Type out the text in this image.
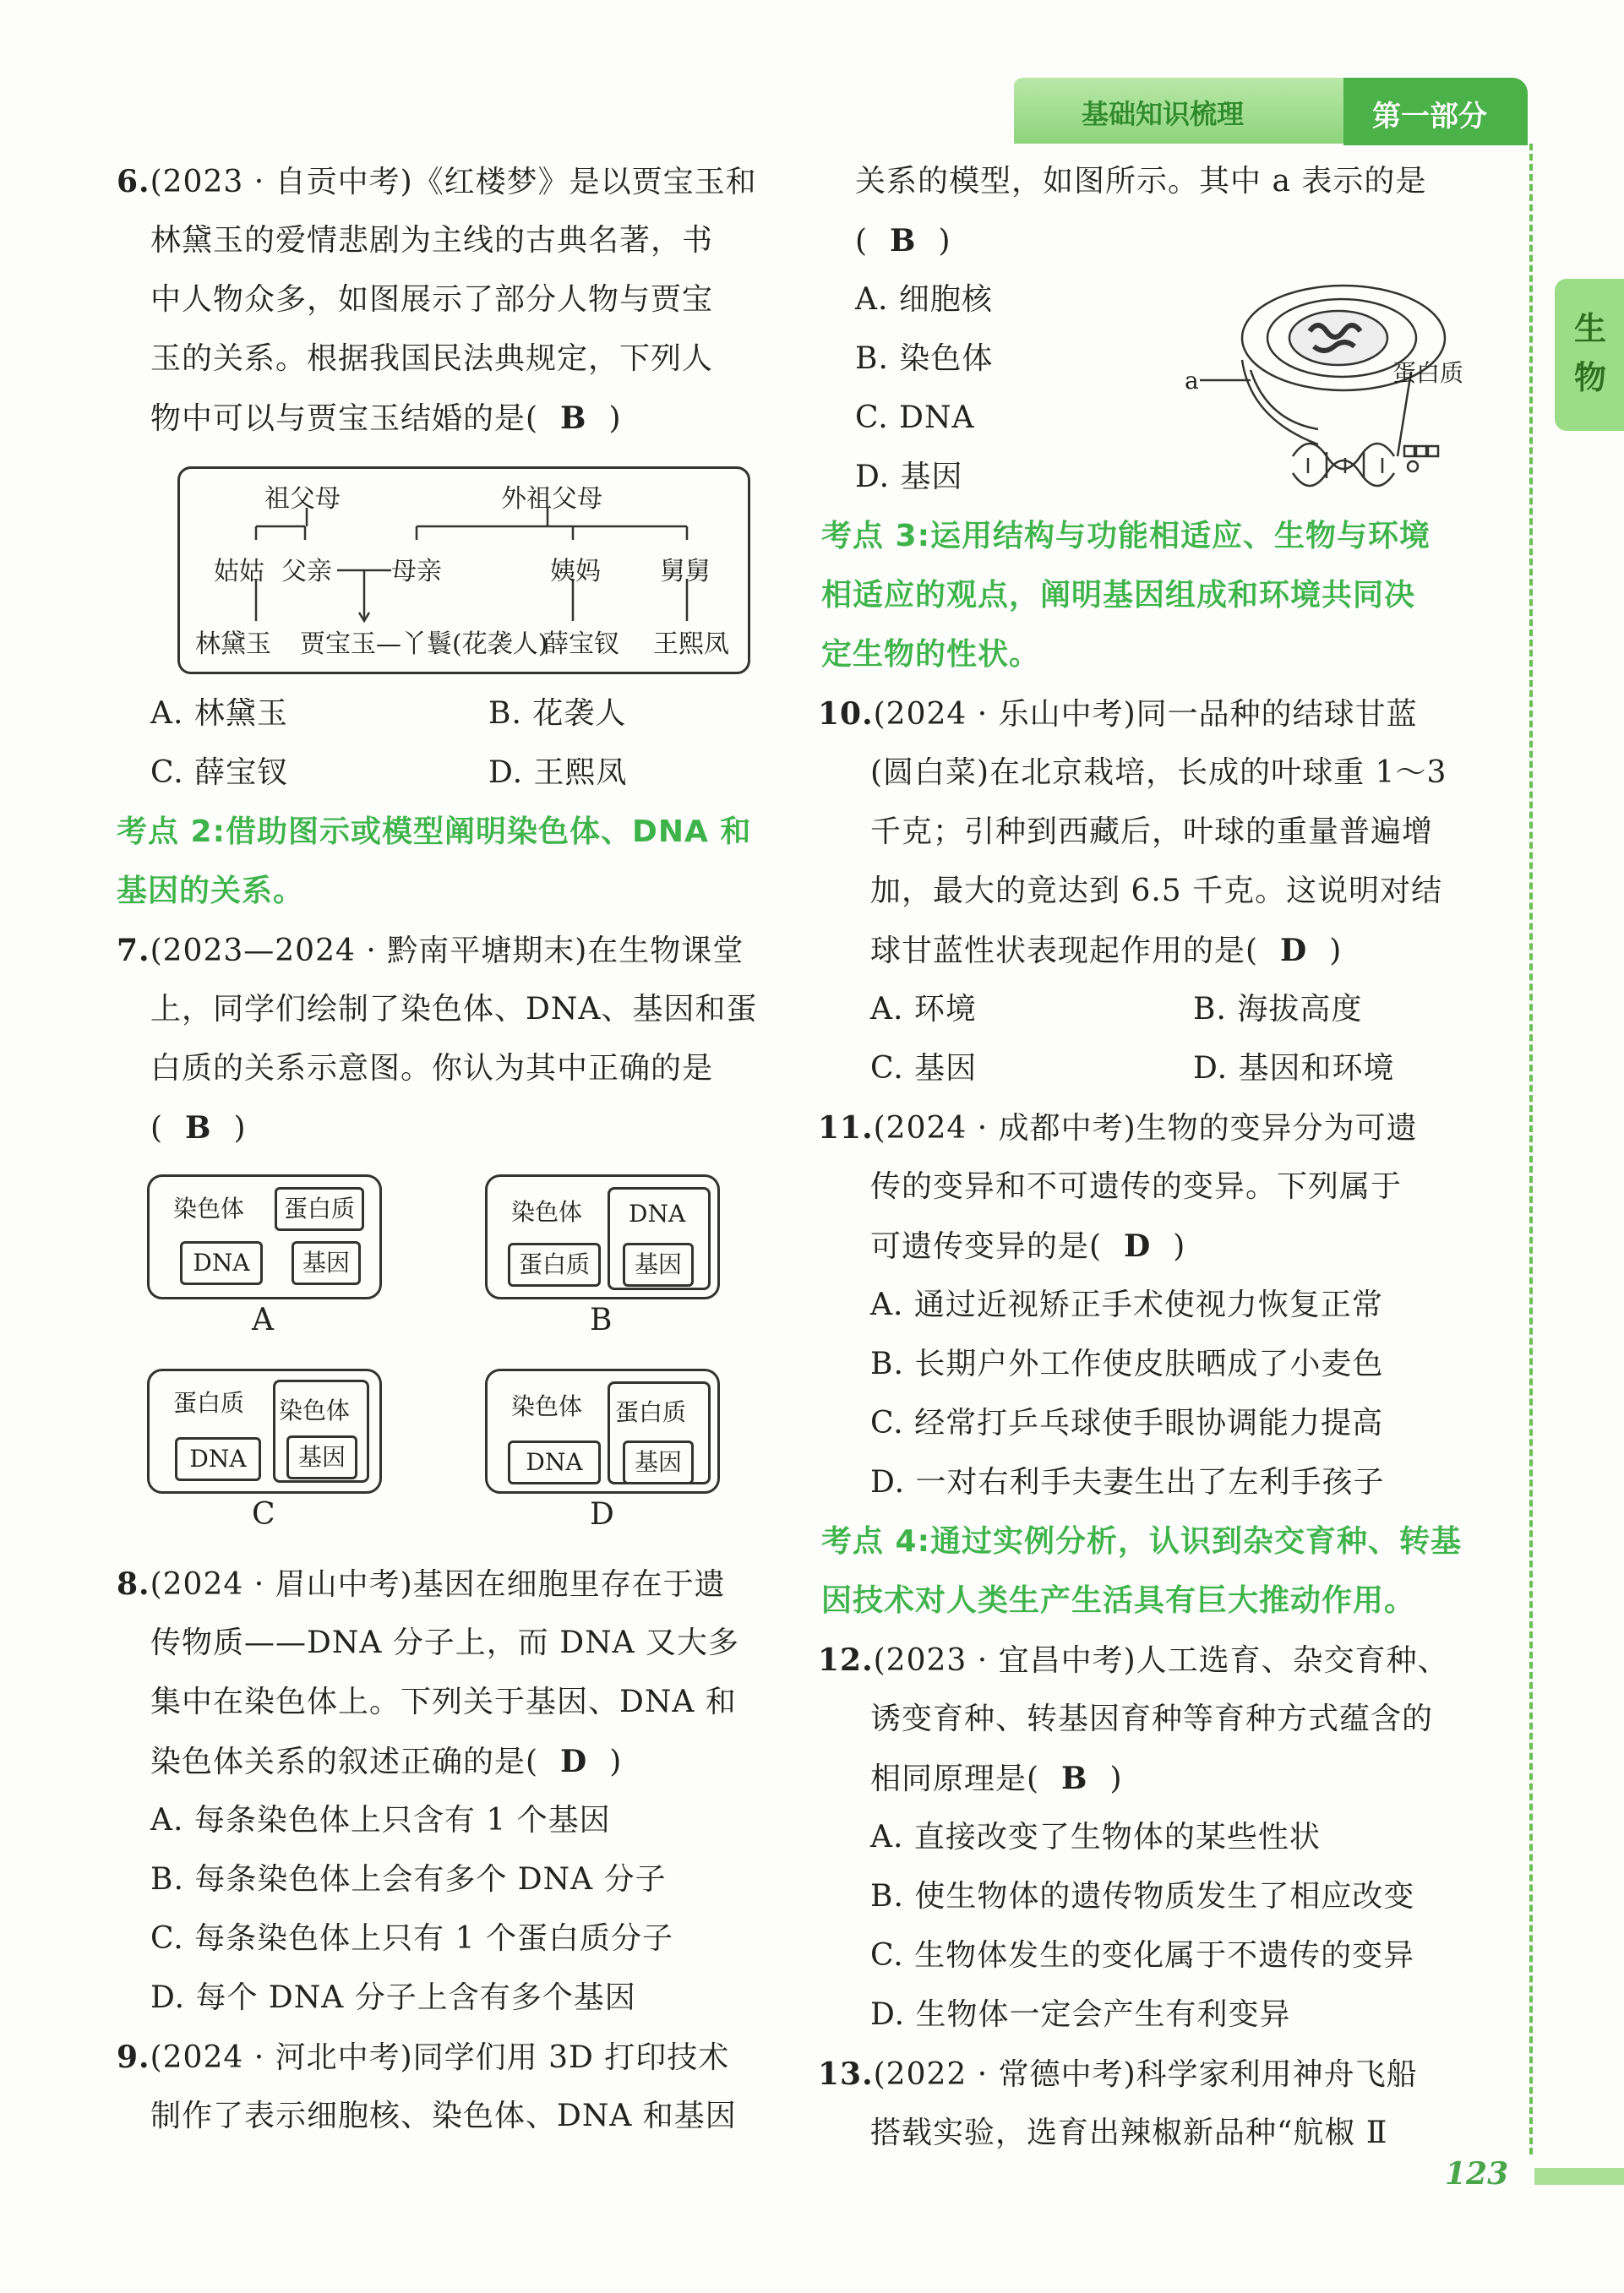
基础知识梳理	第一部分
生物
6.(2023 · 自贡中考)《红楼梦》是以贾宝玉和
林黛玉的爱情悲剧为主线的古典名著，书
中人物众多，如图展示了部分人物与贾宝
玉的关系。根据我国民法典规定，下列人
物中可以与贾宝玉结婚的是( B )
祖父母	外祖父母
姑姑 父亲 母亲	姨妈 舅舅
林黛玉 贾宝玉—丫鬟(花袭人)
薛宝钗 王熙凤
A. 林黛玉	B. 花袭人
C. 薛宝钗	D. 王熙凤
考点 2:借助图示或模型阐明染色体、DNA 和
基因的关系。
7.(2023—2024 · 黔南平塘期末)在生物课堂
上，同学们绘制了染色体、DNA、基因和蛋
白质的关系示意图。你认为其中正确的是
( B )
染色体	蛋白质
DNA	基因
A
染色体 DNA
蛋白质	基因
B
蛋白质 染色体
DNA	基因
C
染色体 蛋白质
DNA	基因
D
8.(2024 · 眉山中考)基因在细胞里存在于遗
传物质——DNA 分子上，而 DNA 又大多
集中在染色体上。下列关于基因、DNA 和
染色体关系的叙述正确的是( D )
A. 每条染色体上只含有 1 个基因
B. 每条染色体上会有多个 DNA 分子
C. 每条染色体上只有 1 个蛋白质分子
D. 每个 DNA 分子上含有多个基因
9.(2024 · 河北中考)同学们用 3D 打印技术
制作了表示细胞核、染色体、DNA 和基因
关系的模型，如图所示。其中 a 表示的是
( B )
A. 细胞核
B. 染色体
C. DNA
D. 基因
a	蛋白质
考点 3:运用结构与功能相适应、生物与环境
相适应的观点，阐明基因组成和环境共同决
定生物的性状。
10.(2024 · 乐山中考)同一品种的结球甘蓝
(圆白菜)在北京栽培，长成的叶球重 1～3
千克；引种到西藏后，叶球的重量普遍增
加，最大的竟达到 6.5 千克。这说明对结
球甘蓝性状表现起作用的是( D )
A. 环境	B. 海拔高度
C. 基因	D. 基因和环境
11.(2024 · 成都中考)生物的变异分为可遗
传的变异和不可遗传的变异。下列属于
可遗传变异的是( D )
A. 通过近视矫正手术使视力恢复正常
B. 长期户外工作使皮肤晒成了小麦色
C. 经常打乒乓球使手眼协调能力提高
D. 一对右利手夫妻生出了左利手孩子
考点 4:通过实例分析，认识到杂交育种、转基
因技术对人类生产生活具有巨大推动作用。
12.(2023 · 宜昌中考)人工选育、杂交育种、
诱变育种、转基因育种等育种方式蕴含的
相同原理是( B )
A. 直接改变了生物体的某些性状
B. 使生物体的遗传物质发生了相应改变
C. 生物体发生的变化属于不遗传的变异
D. 生物体一定会产生有利变异
13.(2022 · 常德中考)科学家利用神舟飞船
搭载实验，选育出辣椒新品种“航椒 Ⅱ
123
